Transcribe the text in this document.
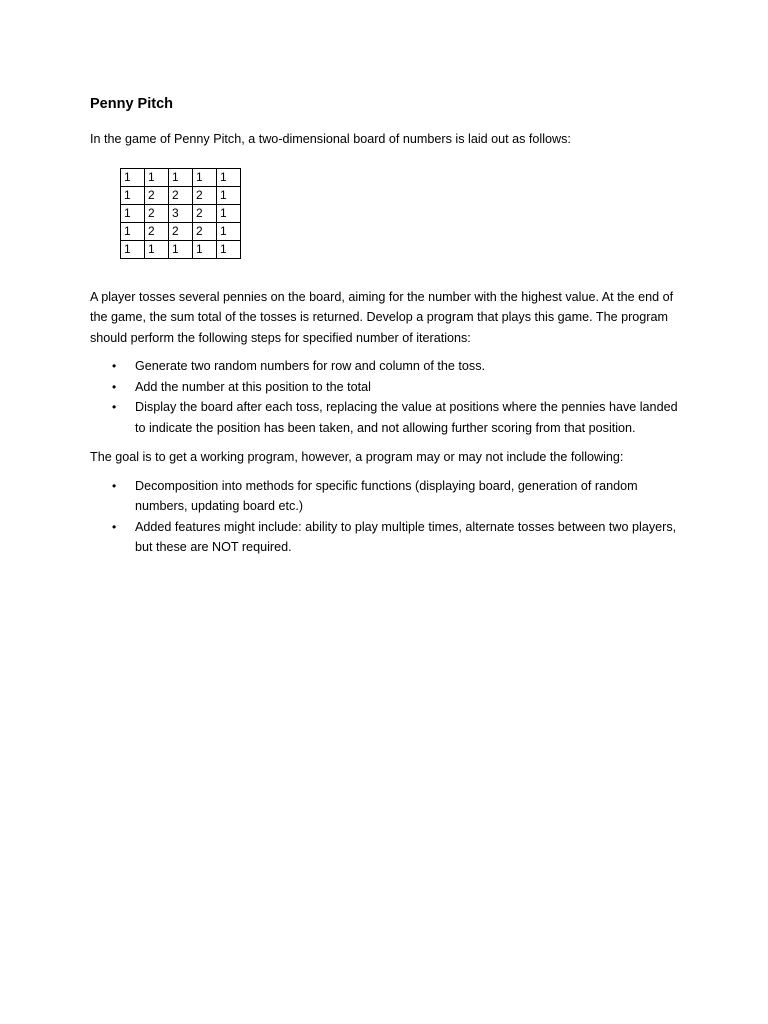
Penny Pitch

In the game of Penny Pitch, a two-dimensional board of numbers is laid out as follows:

1	1	1	1	1
1	2	2	2	1
1	2	3	2	1
1	2	2	2	1
1	1	1	1	1

A player tosses several pennies on the board, aiming for the number with the highest value. At the end of the game, the sum total of the tosses is returned. Develop a program that plays this game. The program should perform the following steps for specified number of iterations:

• Generate two random numbers for row and column of the toss.
• Add the number at this position to the total
• Display the board after each toss, replacing the value at positions where the pennies have landed to indicate the position has been taken, and not allowing further scoring from that position.

The goal is to get a working program, however, a program may or may not include the following:

• Decomposition into methods for specific functions (displaying board, generation of random numbers, updating board etc.)
• Added features might include: ability to play multiple times, alternate tosses between two players, but these are NOT required.
